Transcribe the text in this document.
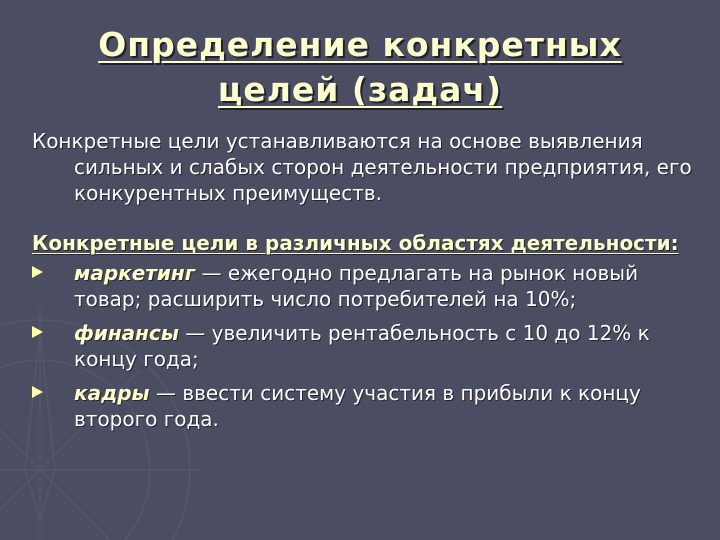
Определение конкретных
целей (задач)

Конкретные цели устанавливаются на основе выявления сильных и слабых сторон деятельности предприятия, его конкурентных преимуществ.

Конкретные цели в различных областях деятельности:

маркетинг — ежегодно предлагать на рынок новый товар; расширить число потребителей на 10%;
финансы — увеличить рентабельность с 10 до 12% к концу года;
кадры — ввести систему участия в прибыли к концу второго года.
